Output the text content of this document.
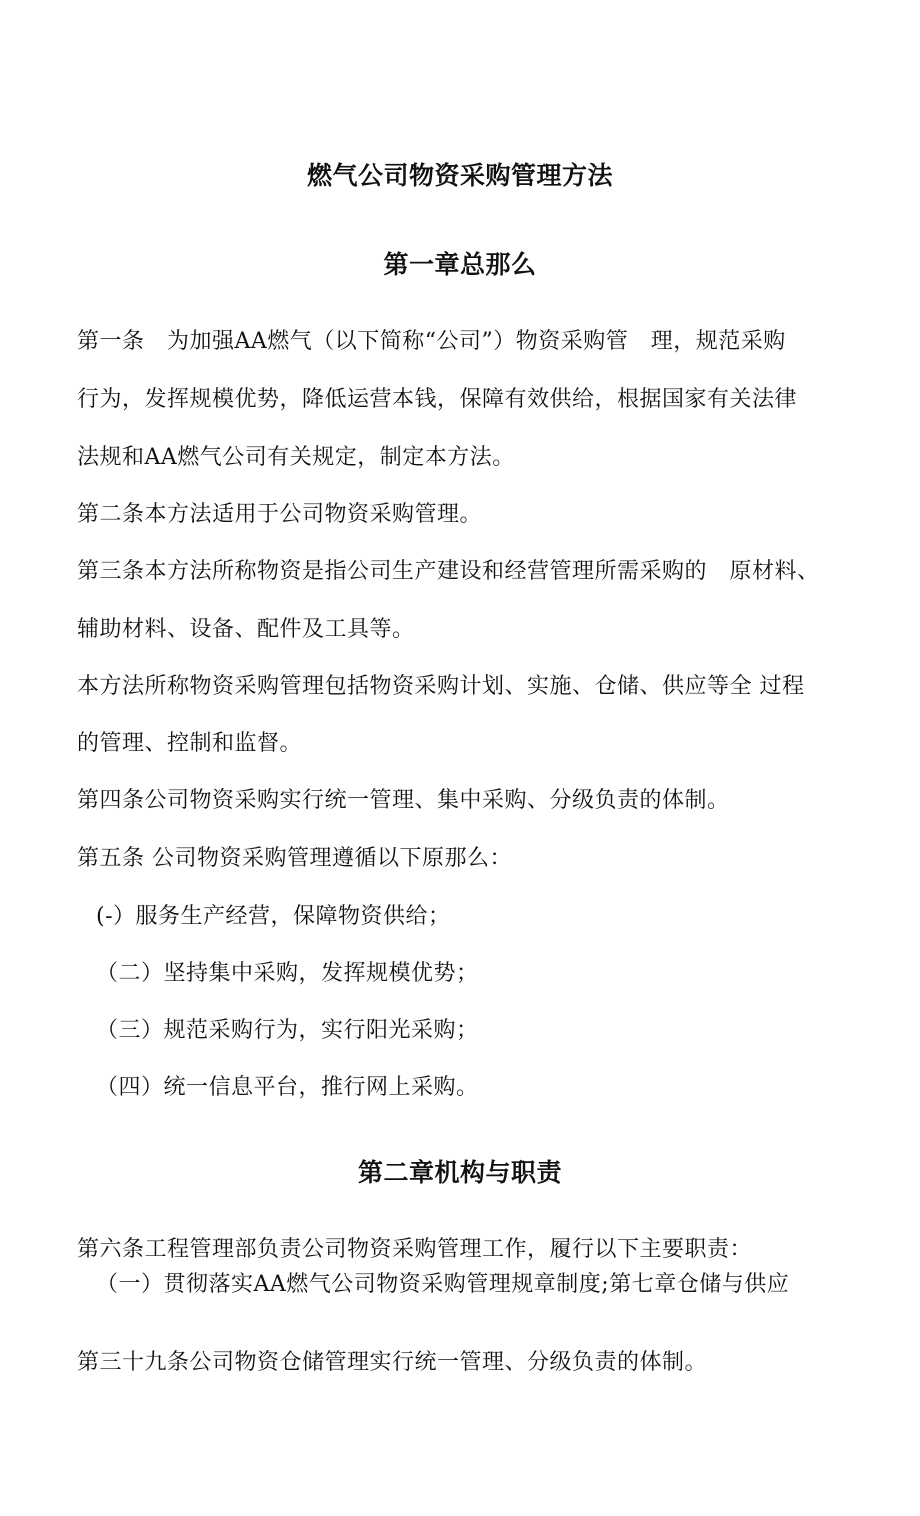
燃气公司物资采购管理方法
第一章总那么

第一条　为加强AA燃气（以下简称“公司”）物资采购管　理，规范采购

行为，发挥规模优势，降低运营本钱，保障有效供给，根据国家有关法律

法规和AA燃气公司有关规定，制定本方法。

第二条本方法适用于公司物资采购管理。

第三条本方法所称物资是指公司生产建设和经营管理所需采购的　原材料、

辅助材料、设备、配件及工具等。

本方法所称物资采购管理包括物资采购计划、实施、仓储、供应等全 过程

的管理、控制和监督。

第四条公司物资采购实行统一管理、集中采购、分级负责的体制。

第五条 公司物资采购管理遵循以下原那么：

(-）服务生产经营，保障物资供给；

（二）坚持集中采购，发挥规模优势；

（三）规范采购行为，实行阳光采购；

（四）统一信息平台，推行网上采购。

第二章机构与职责

第六条工程管理部负责公司物资采购管理工作，履行以下主要职责：

（一）贯彻落实AA燃气公司物资采购管理规章制度;第七章仓储与供应

第三十九条公司物资仓储管理实行统一管理、分级负责的体制。
